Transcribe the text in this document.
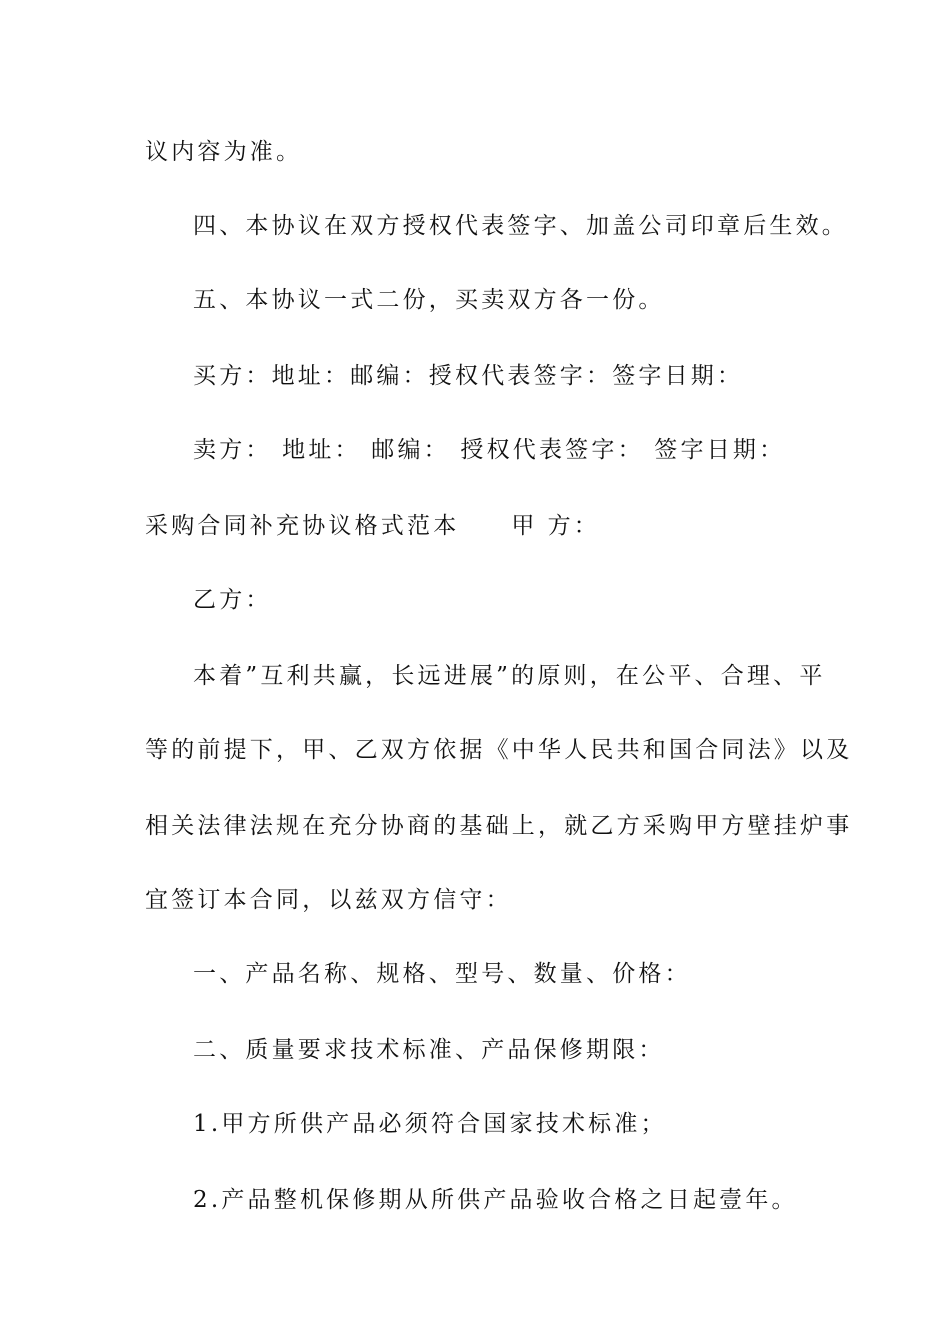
议内容为准。
四、本协议在双方授权代表签字、加盖公司印章后生效。
五、本协议一式二份，买卖双方各一份。
买方：地址：邮编：授权代表签字：签字日期：
卖方： 地址： 邮编： 授权代表签字： 签字日期：
采购合同补充协议格式范本 甲 方：
乙方：
本着”互利共赢，长远进展”的原则，在公平、合理、平
等的前提下，甲、乙双方依据《中华人民共和国合同法》以及
相关法律法规在充分协商的基础上，就乙方采购甲方壁挂炉事
宜签订本合同，以兹双方信守：
一、产品名称、规格、型号、数量、价格：
二、质量要求技术标准、产品保修期限：
1.甲方所供产品必须符合国家技术标准；
2.产品整机保修期从所供产品验收合格之日起壹年。
